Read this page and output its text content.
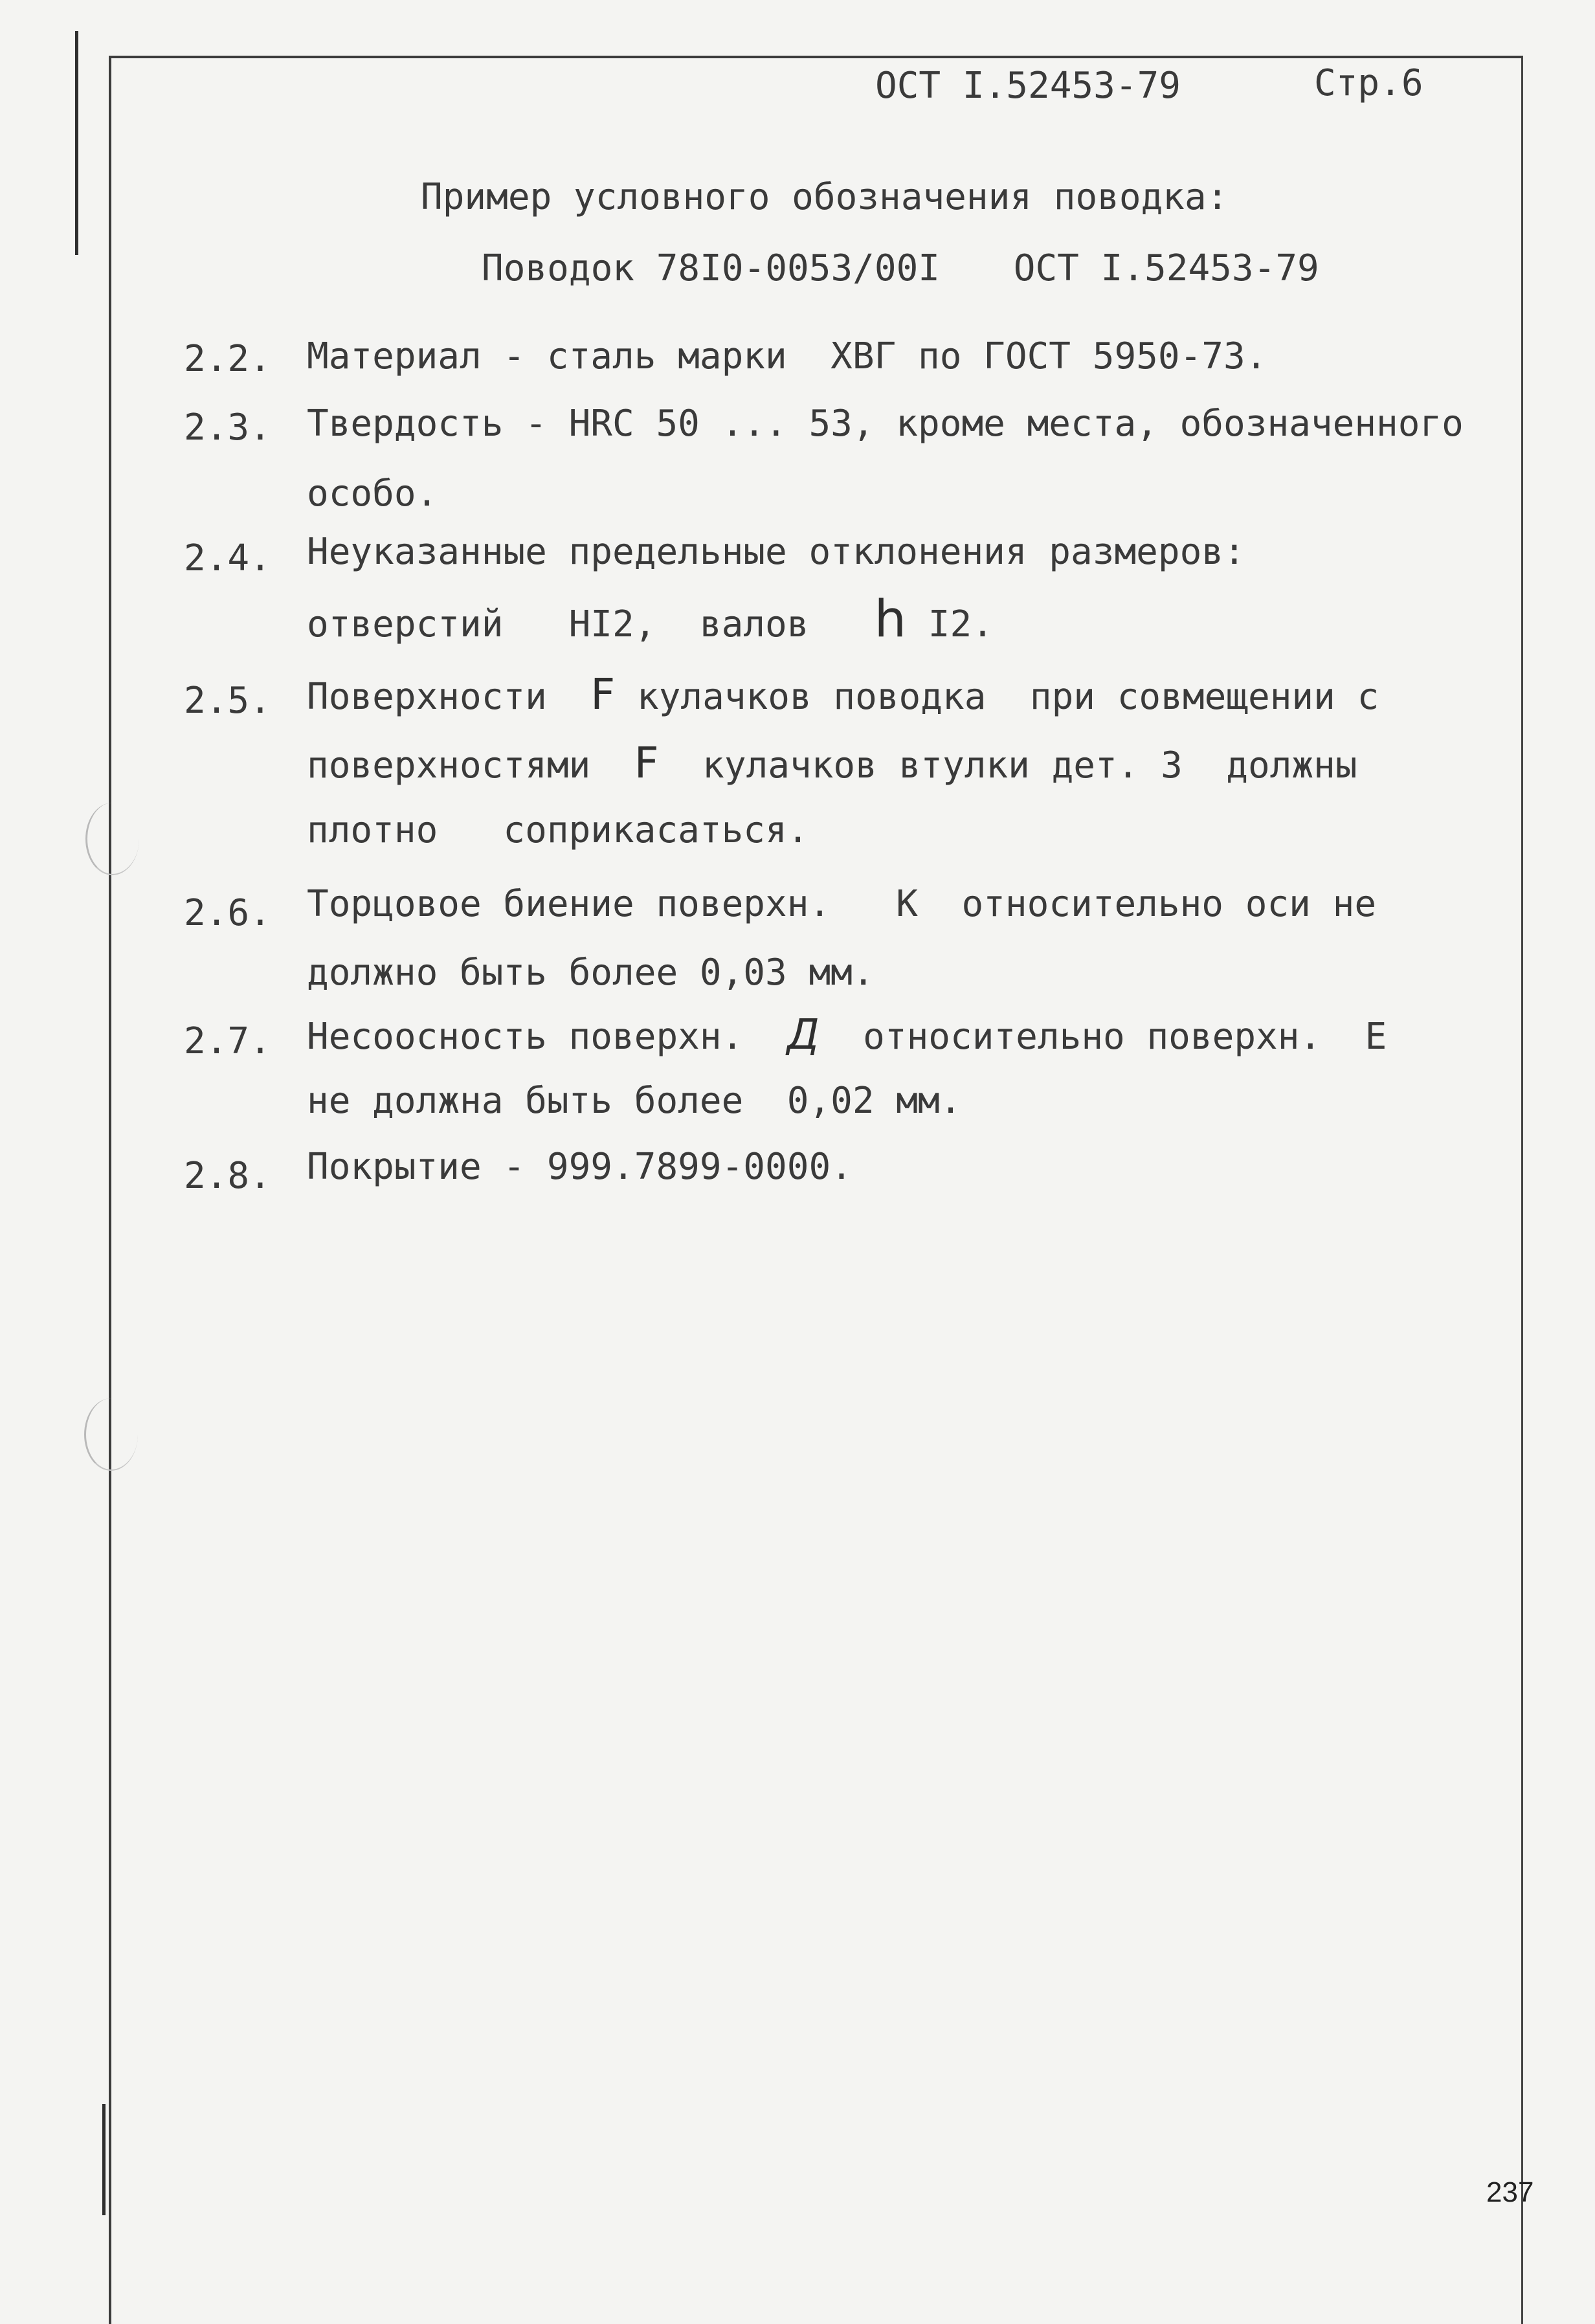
ОСТ I.52453-79	Стр.6
Пример условного обозначения поводка:
Поводок 78I0-0053/00I ОСТ I.52453-79
2.2. Материал - сталь марки  ХВГ по ГОСТ 5950-73.
2.3. Твердость - HRC 50 ... 53, кроме места, обозначенного
особо.
2.4. Неуказанные предельные отклонения размеров:
отверстий   HI2,  валов   h I2.
2.5. Поверхности  F кулачков поводка  при совмещении с
поверхностями  F  кулачков втулки дет. 3  должны
плотно   соприкасаться.
2.6. Торцовое биение поверхн.   К  относительно оси не
должно быть более 0,03 мм.
2.7. Несоосность поверхн.  Д  относительно поверхн.  Е
не должна быть более  0,02 мм.
2.8. Покрытие - 999.7899-0000.
237
